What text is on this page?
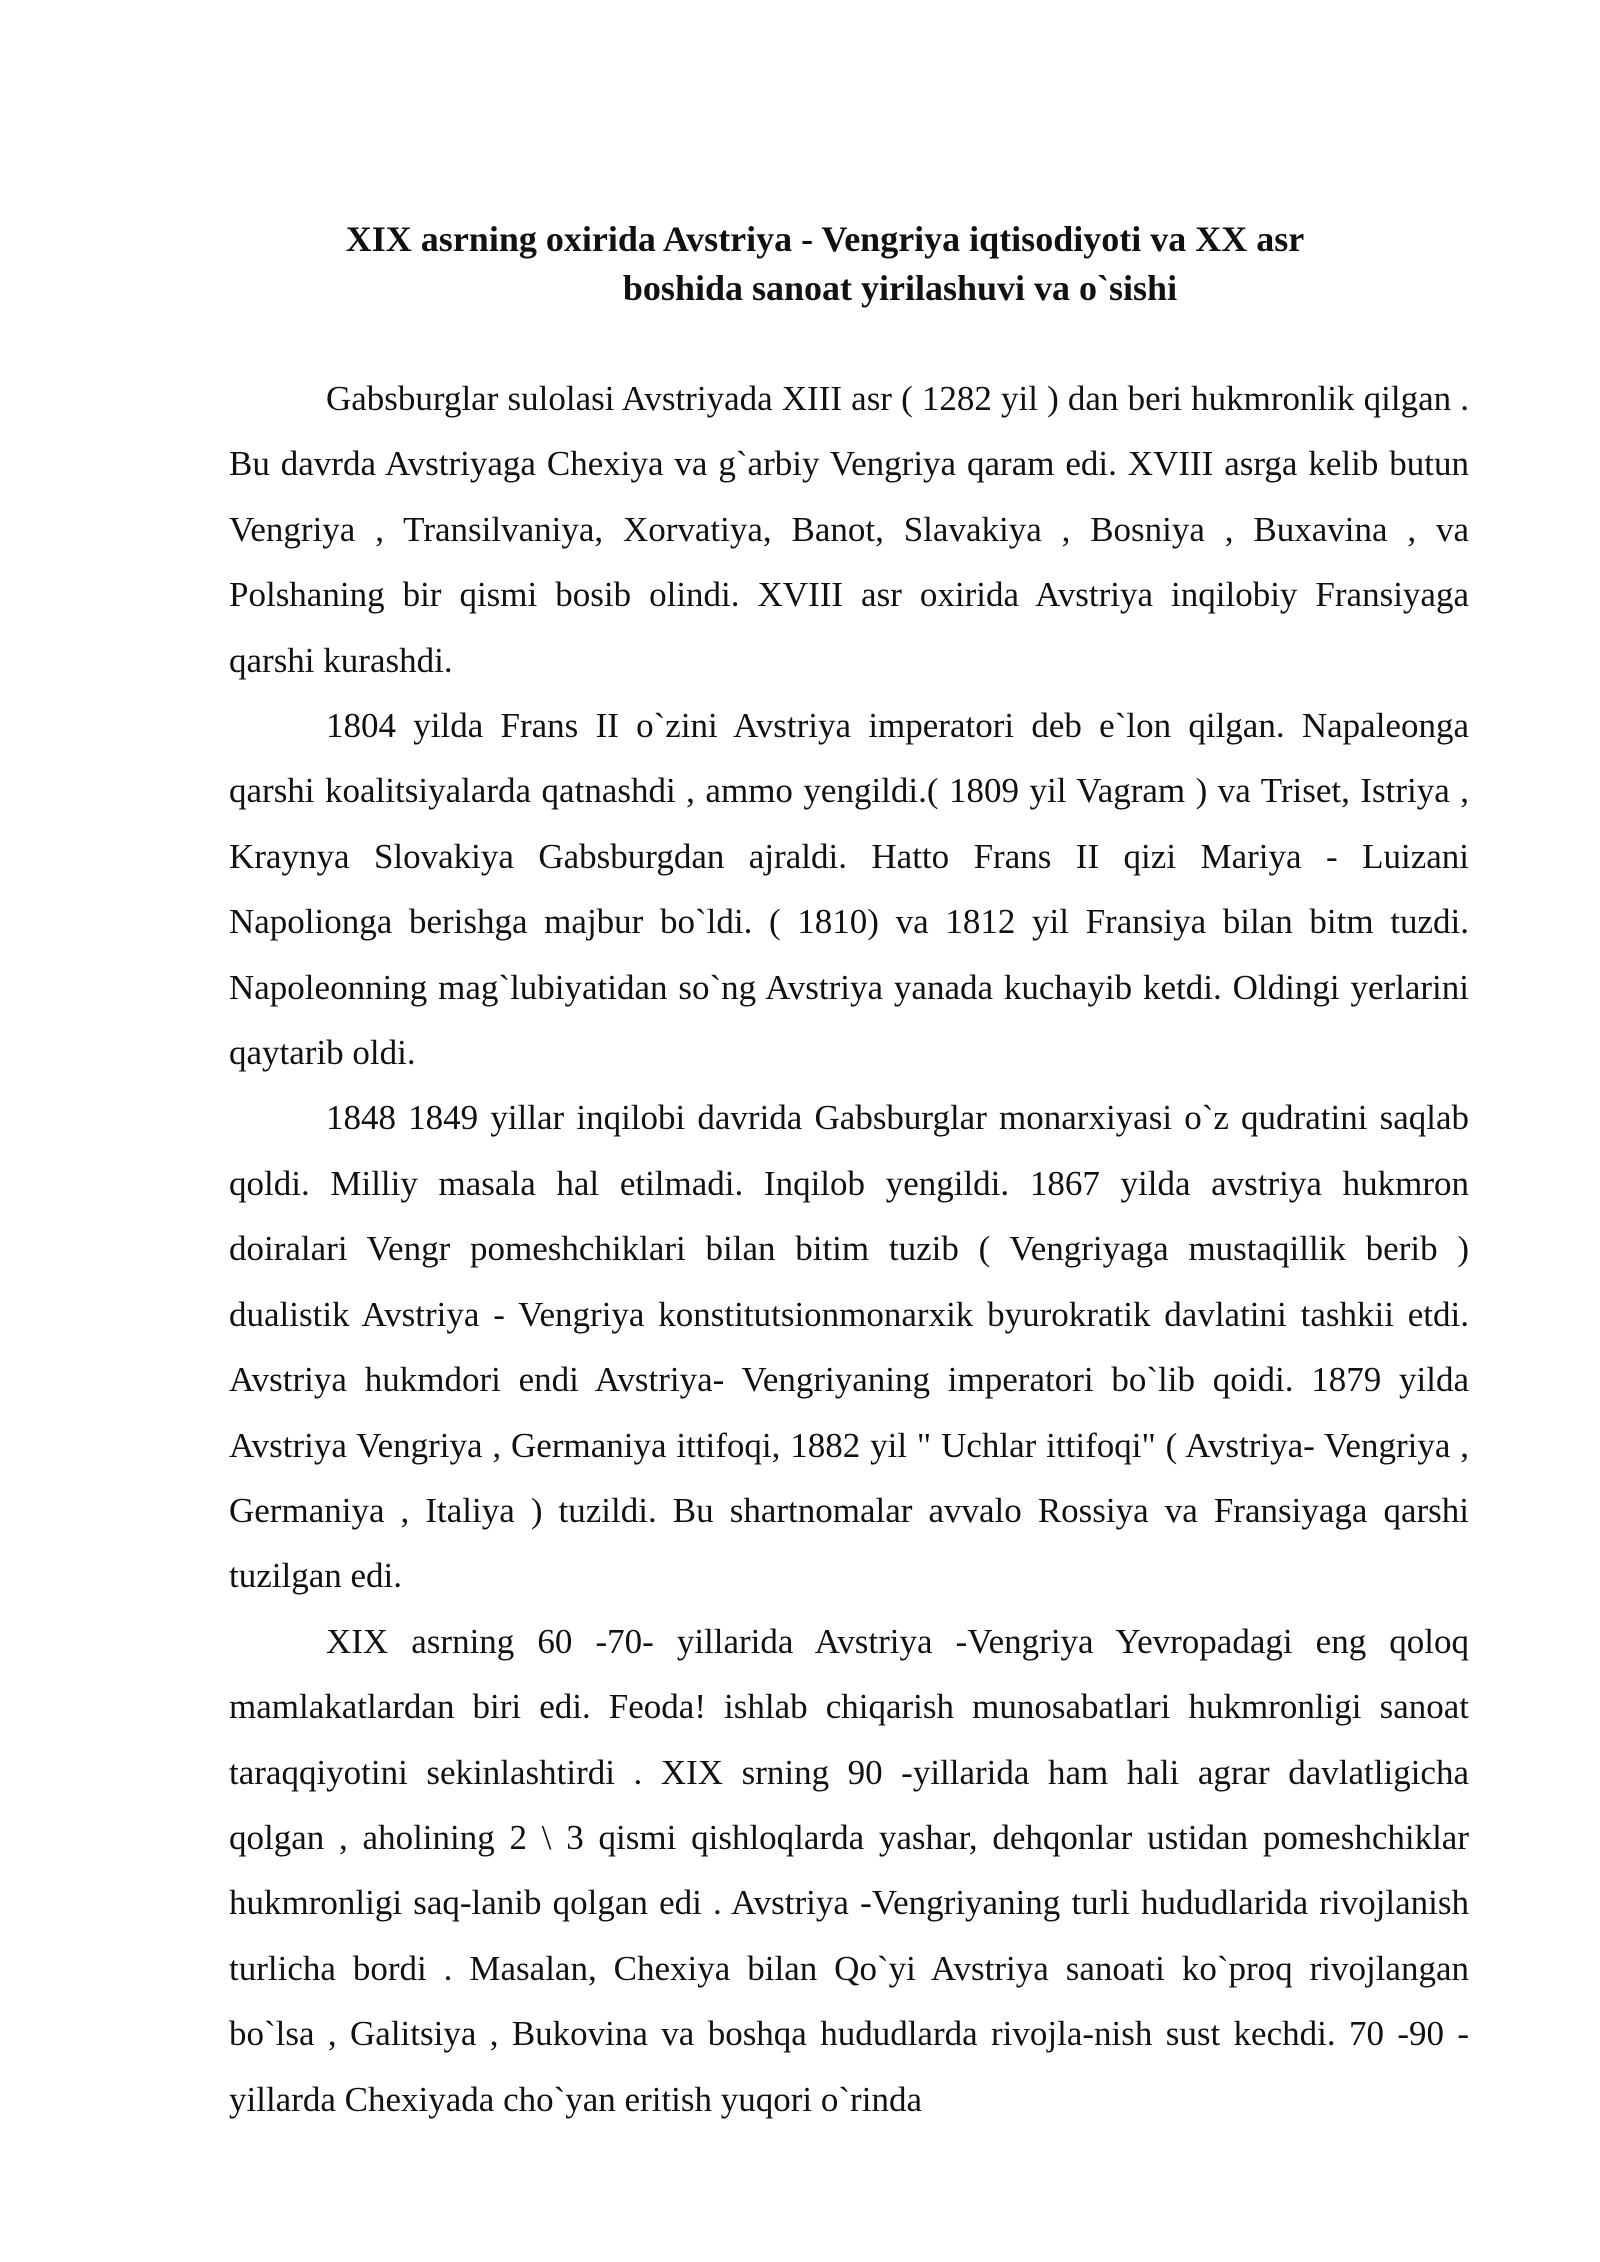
XIX asrning oxirida Avstriya - Vengriya iqtisodiyoti va XX asr
boshida sanoat yirilashuvi va o`sishi

Gabsburglar sulolasi Avstriyada XIII asr ( 1282 yil ) dan beri hukmronlik qilgan . Bu davrda Avstriyaga Chexiya va g`arbiy Vengriya qaram edi. XVIII asrga kelib butun Vengriya , Transilvaniya, Xorvatiya, Banot, Slavakiya , Bosniya , Buxavina , va Polshaning bir qismi bosib olindi. XVIII asr oxirida Avstriya inqilobiy Fransiyaga qarshi kurashdi.

1804 yilda Frans II o`zini Avstriya imperatori deb e`lon qilgan. Napaleonga qarshi koalitsiyalarda qatnashdi , ammo yengildi.( 1809 yil Vagram ) va Triset, Istriya , Kraynya Slovakiya Gabsburgdan ajraldi. Hatto Frans II qizi Mariya - Luizani Napolionga berishga majbur bo`ldi. ( 1810) va 1812 yil Fransiya bilan bitm tuzdi. Napoleonning mag`lubiyatidan so`ng Avstriya yanada kuchayib ketdi. Oldingi yerlarini qaytarib oldi.

1848 1849 yillar inqilobi davrida Gabsburglar monarxiyasi o`z qudratini saqlab qoldi. Milliy masala hal etilmadi. Inqilob yengildi. 1867 yilda avstriya hukmron doiralari Vengr pomeshchiklari bilan bitim tuzib ( Vengriyaga mustaqillik berib ) dualistik Avstriya - Vengriya konstitutsionmonarxik byurokratik davlatini tashkii etdi. Avstriya hukmdori endi Avstriya- Vengriyaning imperatori bo`lib qoidi. 1879 yilda Avstriya Vengriya , Germaniya ittifoqi, 1882 yil " Uchlar ittifoqi" ( Avstriya- Vengriya , Germaniya , Italiya ) tuzildi. Bu shartnomalar avvalo Rossiya va Fransiyaga qarshi tuzilgan edi.

XIX asrning 60 -70- yillarida Avstriya -Vengriya Yevropadagi eng qoloq mamlakatlardan biri edi. Feoda! ishlab chiqarish munosabatlari hukmronligi sanoat taraqqiyotini sekinlashtirdi . XIX srning 90 -yillarida ham hali agrar davlatligicha qolgan , aholining 2 \ 3 qismi qishloqlarda yashar, dehqonlar ustidan pomeshchiklar hukmronligi saq-lanib qolgan edi . Avstriya -Vengriyaning turli hududlarida rivojlanish turlicha bordi . Masalan, Chexiya bilan Qo`yi Avstriya sanoati ko`proq rivojlangan bo`lsa , Galitsiya , Bukovina va boshqa hududlarda rivojla-nish sust kechdi. 70 -90 -yillarda Chexiyada cho`yan eritish yuqori o`rinda
